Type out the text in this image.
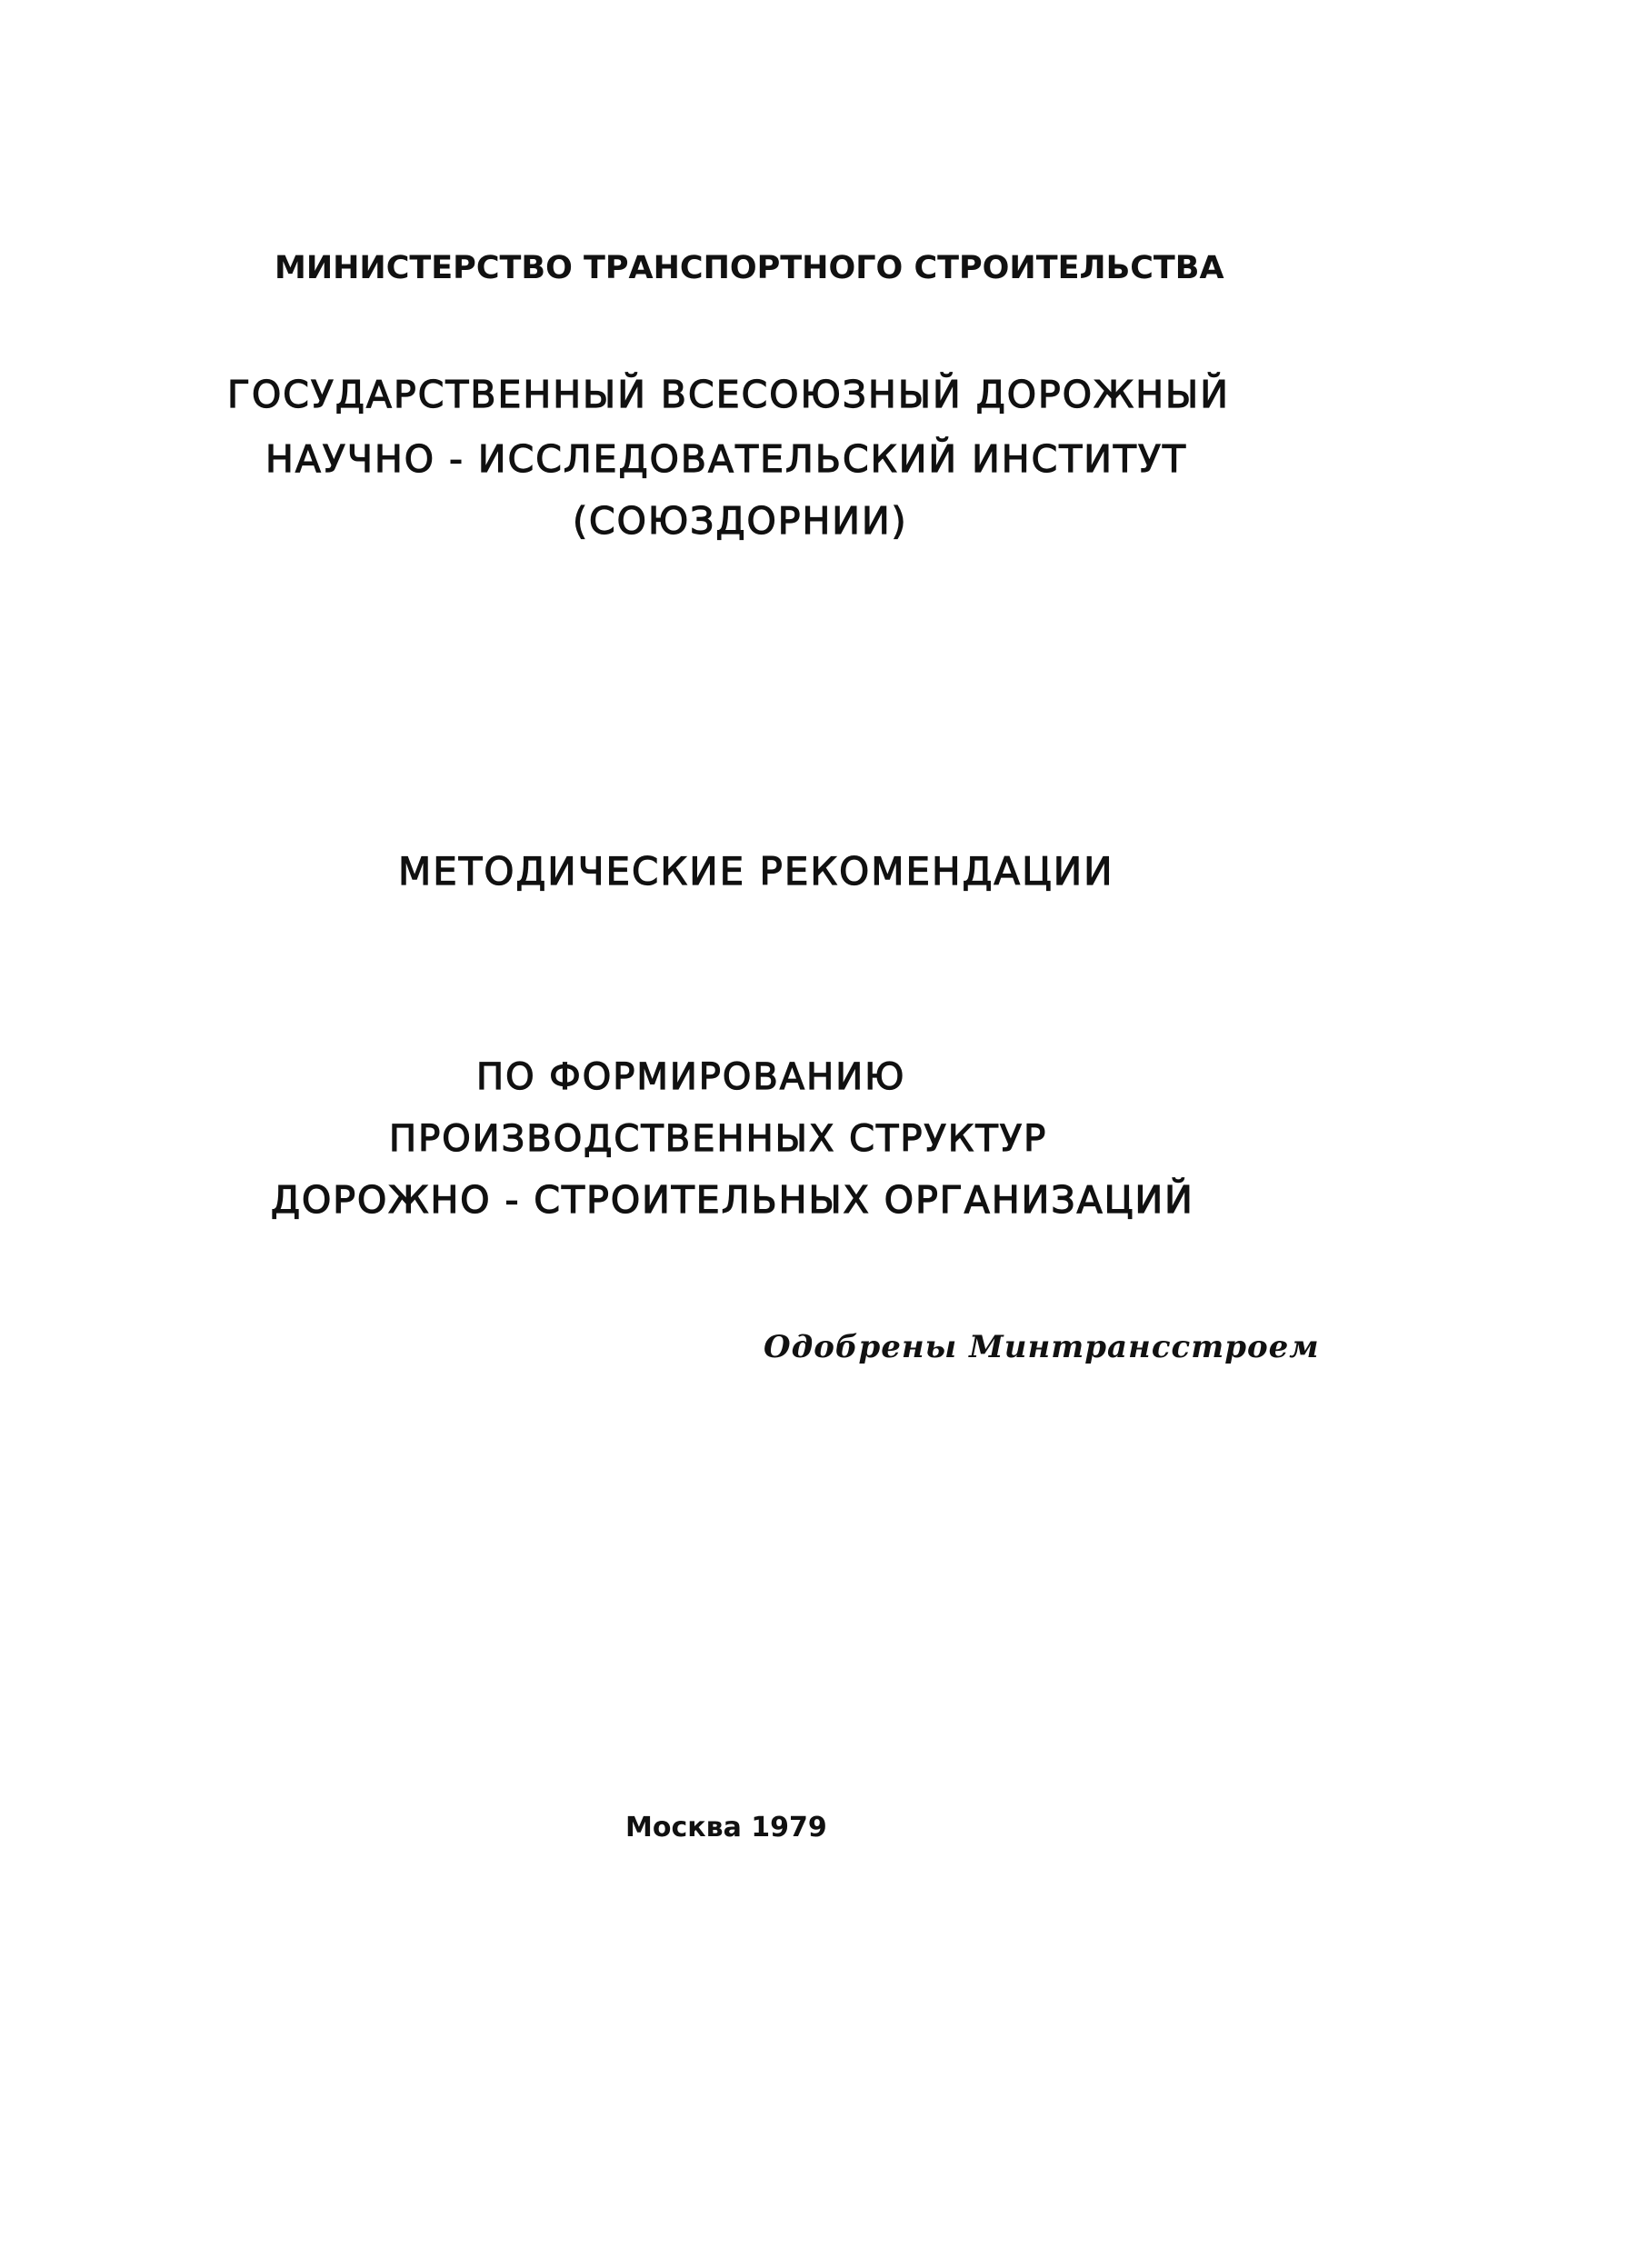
МИНИСТЕРСТВО ТРАНСПОРТНОГО СТРОИТЕЛЬСТВА
ГОСУДАРСТВЕННЫЙ ВСЕСОЮЗНЫЙ ДОРОЖНЫЙ
НАУЧНО - ИССЛЕДОВАТЕЛЬСКИЙ ИНСТИТУТ
(СОЮЗДОРНИИ)
МЕТОДИЧЕСКИЕ РЕКОМЕНДАЦИИ
ПО ФОРМИРОВАНИЮ
ПРОИЗВОДСТВЕННЫХ СТРУКТУР
ДОРОЖНО - СТРОИТЕЛЬНЫХ ОРГАНИЗАЦИЙ
Одобрены Минтрансстроем
Москва 1979
